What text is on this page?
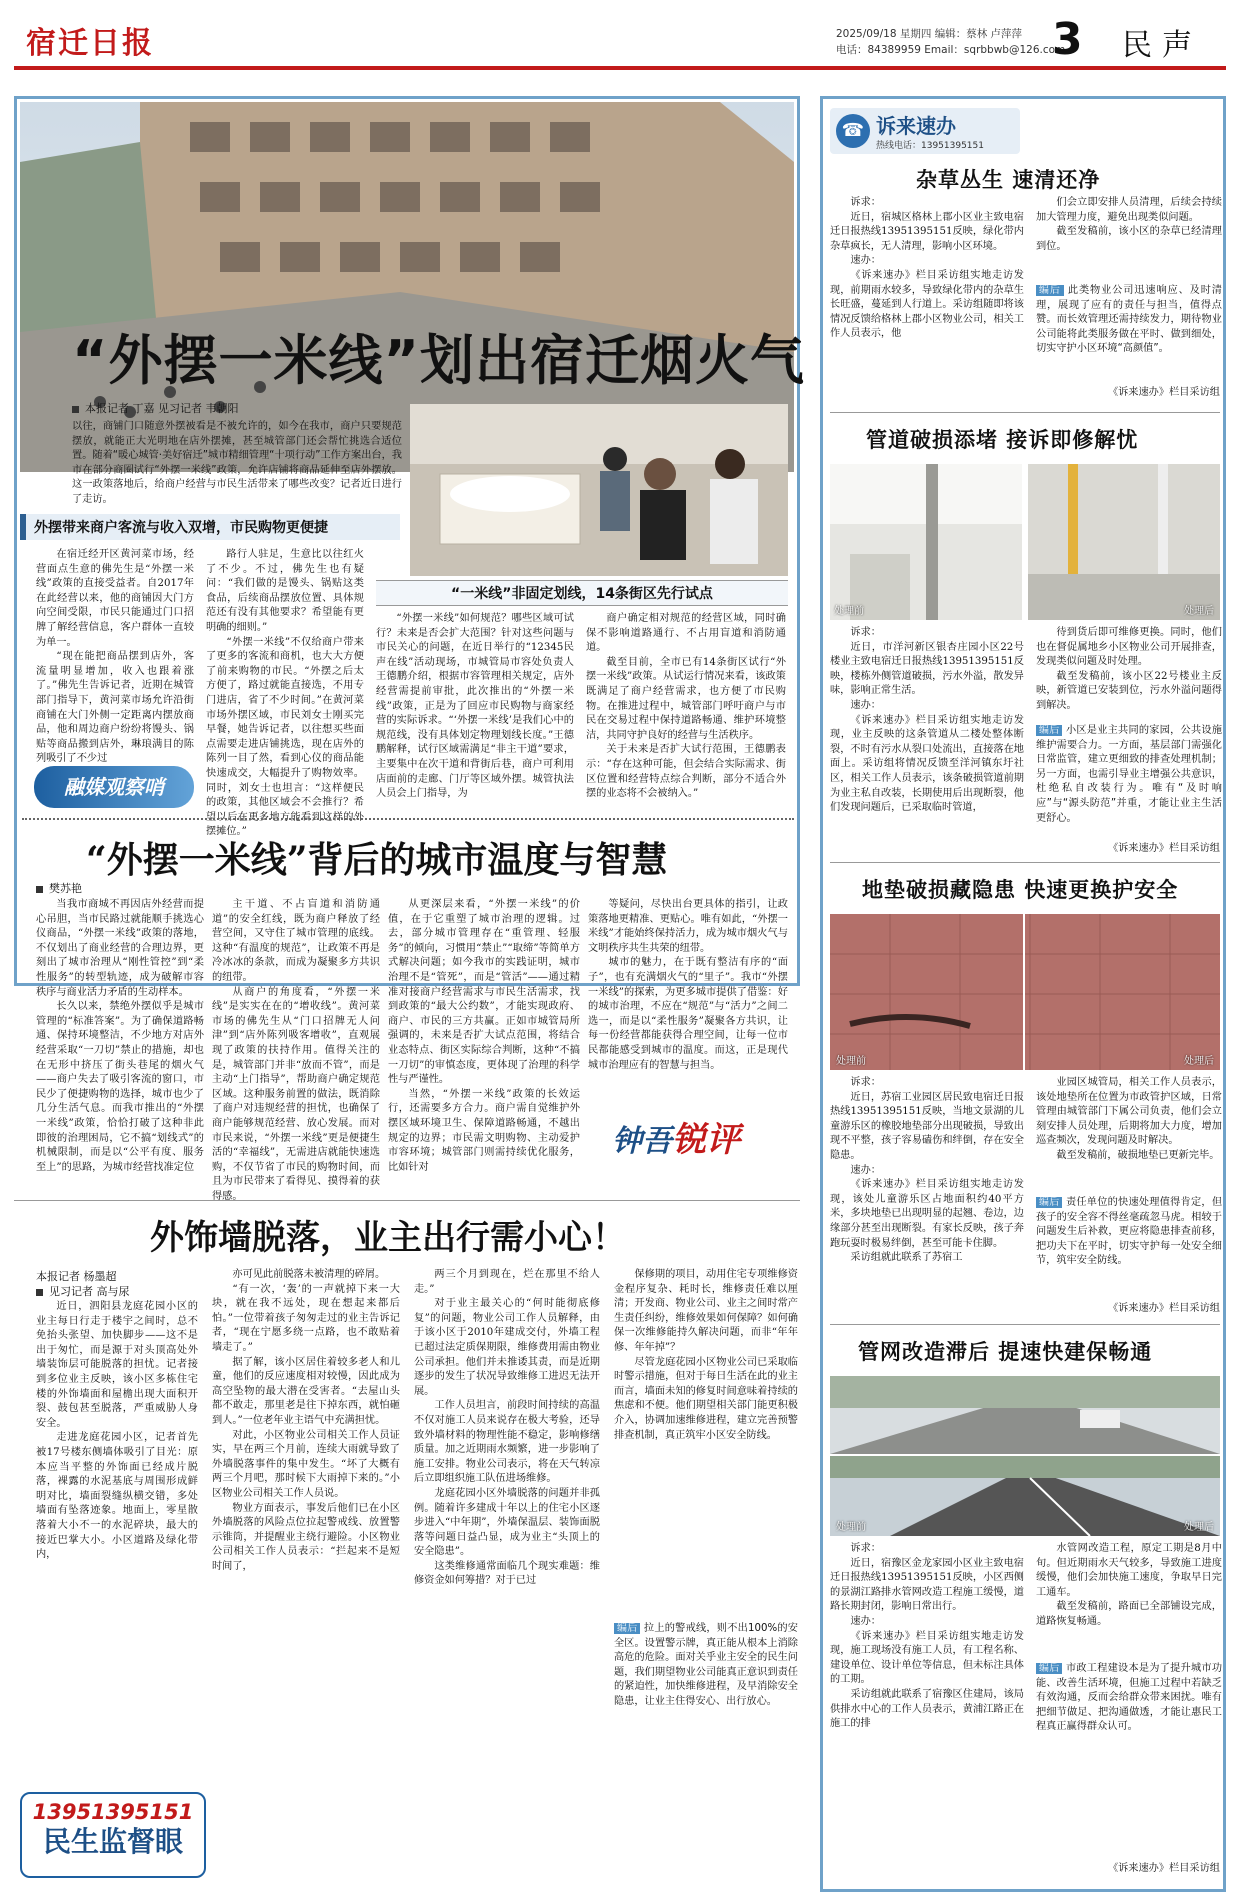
宿迁日报	2025/09/18 星期四 编辑：蔡林 卢萍萍
电话：84389959 Email：sqrbbwb@126.com
3 民声
“外摆一米线”划出宿迁烟火气
本报记者 丁嘉 见习记者 韦朝阳
以往，商铺门口随意外摆被看是不被允许的，如今在我市，商户只要规范摆放，就能正大光明地在店外摆摊，甚至城管部门还会帮忙挑选合适位置。随着“暖心城管·美好宿迁”城市精细管理“十项行动”工作方案出台，我市在部分商圈试行“外摆一米线”政策，允许店铺将商品延伸至店外摆放。这一政策落地后，给商户经营与市民生活带来了哪些改变？记者近日进行了走访。
外摆带来商户客流与收入双增，市民购物更便捷

在宿迁经开区黄河菜市场，经营面点生意的佛先生是“外摆一米线”政策的直接受益者。自2017年在此经营以来，他的商铺因大门方向空间受限，市民只能通过门口招牌了解经营信息，客户群体一直较为单一。

“现在能把商品摆到店外，客流量明显增加，收入也跟着涨了。”佛先生告诉记者，近期在城管部门指导下，黄河菜市场允许沿街商铺在大门外侧一定距离内摆放商品，他和周边商户纷纷将馒头、锅贴等商品搬到店外，琳琅满目的陈列吸引了不少过

路行人驻足，生意比以往红火了不少。不过，佛先生也有疑问：“我们做的是馒头、锅贴这类食品，后续商品摆放位置、具体规范还有没有其他要求？希望能有更明确的细则。”

“外摆一米线”不仅给商户带来了更多的客流和商机，也大大方便了前来购物的市民。“外摆之后太方便了，路过就能直接选，不用专门进店，省了不少时间。”在黄河菜市场外摆区域，市民刘女士刚买完早餐，她告诉记者，以往想买些面点需要走进店铺挑选，现在店外的陈列一目了然，看到心仪的商品能快速成交，大幅提升了购物效率。同时，刘女士也坦言：“这样便民的政策，其他区域会不会推行？希望以后在更多地方能看到这样的外摆摊位。”

“一米线”非固定划线，14条街区先行试点

“外摆一米线”如何规范？哪些区域可试行？未来是否会扩大范围？针对这些问题与市民关心的问题，在近日举行的“12345民声在线”活动现场，市城管局市容处负责人王德鹏介绍，根据市容管理相关规定，店外经营需提前审批，此次推出的“外摆一米线”政策，正是为了回应市民购物与商家经营的实际诉求。“‘外摆一米线’是我们心中的规范线，没有具体划定物理划线长度。”王德鹏解释，试行区域需满足“非主干道”要求，主要集中在次干道和背街后巷，商户可利用店面前的走廊、门厅等区域外摆。城管执法人员会上门指导，为

商户确定相对规范的经营区域，同时确保不影响道路通行、不占用盲道和消防通道。

截至目前，全市已有14条街区试行“外摆一米线”政策。从试运行情况来看，该政策既满足了商户经营需求，也方便了市民购物。在推进过程中，城管部门呼吁商户与市民在交易过程中保持道路畅通、维护环境整洁，共同守护良好的经营与生活秩序。

关于未来是否扩大试行范围，王德鹏表示：“存在这种可能，但会结合实际需求、街区位置和经营特点综合判断，部分不适合外摆的业态将不会被纳入。”

融媒观察哨
“外摆一米线”背后的城市温度与智慧
樊苏艳

当我市商城不再因店外经营而提心吊胆，当市民路过就能顺手挑选心仪商品，“外摆一米线”政策的落地，不仅划出了商业经营的合理边界，更刻出了城市治理从“刚性管控”到“柔性服务”的转型轨迹，成为破解市容秩序与商业活力矛盾的生动样本。

长久以来，禁绝外摆似乎是城市管理的“标准答案”。为了确保道路畅通、保持环境整洁，不少地方对店外经营采取“一刀切”禁止的措施，却也在无形中挤压了街头巷尾的烟火气——商户失去了吸引客流的窗口，市民少了便捷购物的选择，城市也少了几分生活气息。而我市推出的“外摆一米线”政策，恰恰打破了这种非此即彼的治理困局，它不搞“划线式”的机械限制，而是以“公平有度、服务至上”的思路，为城市经营找准定位

主干道、不占盲道和消防通道”的安全红线，既为商户释放了经营空间，又守住了城市管理的底线。这种“有温度的规范”，让政策不再是冷冰冰的条款，而成为凝聚多方共识的纽带。

从商户的角度看，“外摆一米线”是实实在在的“增收线”。黄河菜市场的佛先生从“门口招牌无人问津”到“店外陈列吸客增收”，直观展现了政策的扶持作用。值得关注的是，城管部门并非“放而不管”，而是主动“上门指导”，帮助商户确定规范区域。这种服务前置的做法，既消除了商户对违规经营的担忧，也确保了商户能够规范经营、放心发展。而对市民来说，“外摆一米线”更是便捷生活的“幸福线”，无需进店就能快速选购，不仅节省了市民的购物时间，而且为市民带来了看得见、摸得着的获得感。

从更深层来看，“外摆一米线”的价值，在于它重塑了城市治理的逻辑。过去，部分城市管理存在“重管理、轻服务”的倾向，习惯用“禁止”“取缔”等简单方式解决问题；如今我市的实践证明，城市治理不是“管死”，而是“管活”——通过精准对接商户经营需求与市民生活需求，找到政策的“最大公约数”，才能实现政府、商户、市民的三方共赢。正如市城管局所强调的，未来是否扩大试点范围，将结合业态特点、街区实际综合判断，这种“不搞一刀切”的审慎态度，更体现了治理的科学性与严谨性。

当然，“外摆一米线”政策的长效运行，还需要多方合力。商户需自觉维护外摆区域环境卫生、保障道路畅通，不越出规定的边界；市民需文明购物、主动爱护市容环境；城管部门则需持续优化服务，比如针对

等疑问，尽快出台更具体的指引，让政策落地更精准、更贴心。唯有如此，“外摆一米线”才能始终保持活力，成为城市烟火气与文明秩序共生共荣的纽带。

城市的魅力，在于既有整洁有序的“面子”，也有充满烟火气的“里子”。我市“外摆一米线”的探索，为更多城市提供了借鉴：好的城市治理，不应在“规范”与“活力”之间二选一，而是以“柔性服务”凝聚各方共识，让每一份经营都能获得合理空间，让每一位市民都能感受到城市的温度。而这，正是现代城市治理应有的智慧与担当。

钟吾锐评
外饰墙脱落，业主出行需小心！
本报记者 杨墨超
见习记者 高与尿

近日，泗阳县龙庭花园小区的业主每日行走于楼宇之间时，总不免抬头张望、加快脚步——这不是出于匆忙，而是源于对头顶高处外墙装饰层可能脱落的担忧。记者接到多位业主反映，该小区多栋住宅楼的外饰墙面和屋檐出现大面积开裂、鼓包甚至脱落，严重威胁人身安全。

走进龙庭花园小区，记者首先被17号楼东侧墙体吸引了目光：原本应当平整的外饰面已经成片脱落，裸露的水泥基底与周围形成鲜明对比，墙面裂缝纵横交错，多处墙面有坠落迹象。地面上，零星散落着大小不一的水泥碎块，最大的接近巴掌大小。小区道路及绿化带内，

亦可见此前脱落未被清理的碎屑。

“有一次，‘轰’的一声就掉下来一大块，就在我不远处，现在想起来都后怕。”一位带着孩子匆匆走过的业主告诉记者，“现在宁愿多绕一点路，也不敢贴着墙走了。”

据了解，该小区居住着较多老人和儿童，他们的反应速度相对较慢，因此成为高空坠物的最大潜在受害者。“去屋山头都不敢走，那里老是往下掉东西，就怕砸到人。”一位老年业主语气中充满担忧。

对此，小区物业公司相关工作人员证实，早在两三个月前，连续大雨就导致了外墙脱落事件的集中发生。“坏了大概有两三个月吧，那时候下大雨掉下来的。”小区物业公司相关工作人员说。

物业方面表示，事发后他们已在小区外墙脱落的风险点位拉起警戒线、放置警示锥筒，并提醒业主绕行避险。小区物业公司相关工作人员表示：“拦起来不是短时间了，

两三个月到现在，烂在那里不给人走。”

对于业主最关心的“何时能彻底修复”的问题，物业公司工作人员解释，由于该小区于2010年建成交付，外墙工程已超过法定质保期限，维修费用需由物业公司承担。他们并未推诿其责，而是近期逐步的发生了状况导致维修工进迟无法开展。

工作人员坦言，前段时间持续的高温不仅对施工人员来说存在极大考验，还导致外墙材料的物理性能不稳定，影响修缮质量。加之近期雨水频繁，进一步影响了施工安排。物业公司表示，将在天气转凉后立即组织施工队伍进场维修。

龙庭花园小区外墙脱落的问题并非孤例。随着许多建成十年以上的住宅小区逐步进入“中年期”，外墙保温层、装饰面脱落等问题日益凸显，成为业主“头顶上的安全隐患”。

这类维修通常面临几个现实难题：维修资金如何筹措？对于已过

保修期的项目，动用住宅专项维修资金程序复杂、耗时长，维修责任难以厘清；开发商、物业公司、业主之间时常产生责任纠纷，维修效果如何保障？如何确保一次维修能持久解决问题，而非“年年修、年年掉”？

尽管龙庭花园小区物业公司已采取临时警示措施，但对于每日生活在此的业主而言，墙面未知的修复时间意味着持续的焦虑和不便。他们期望相关部门能更积极介入，协调加速维修进程，建立完善预警排查机制，真正筑牢小区安全防线。

编后 拉上的警戒线，则不出100%的安全区。设置警示牌，真正能从根本上消除高危的危险。面对关乎业主安全的民生问题，我们期望物业公司能真正意识到责任的紧迫性，加快维修进程，及早消除安全隐患，让业主住得安心、出行放心。
13951395151
民生监督眼
☎ 诉来速办
热线电话：13951395151
杂草丛生 速清还净

诉求：

近日，宿城区格林上郡小区业主致电宿迁日报热线13951395151反映，绿化带内杂草疯长，无人清理，影响小区环境。

速办：

《诉来速办》栏目采访组实地走访发现，前期雨水较多，导致绿化带内的杂草生长旺盛，蔓延到人行道上。采访组随即将该情况反馈给格林上郡小区物业公司，相关工作人员表示，他

们会立即安排人员清理，后续会持续加大管理力度，避免出现类似问题。

截至发稿前，该小区的杂草已经清理到位。

编后 此类物业公司迅速响应、及时清理，展现了应有的责任与担当，值得点赞。而长效管理还需持续发力，期待物业公司能将此类服务做在平时、做到细处，切实守护小区环境“高颜值”。
《诉来速办》栏目采访组
管道破损添堵 接诉即修解忧
处理前	处理后

诉求：

近日，市洋河新区银杏庄园小区22号楼业主致电宿迁日报热线13951395151反映，楼栋外侧管道破损，污水外溢，散发异味，影响正常生活。

速办：

《诉来速办》栏目采访组实地走访发现，业主反映的这条管道从二楼处整体断裂，不时有污水从裂口处流出，直接落在地面上。采访组将情况反馈至洋河镇东圩社区，相关工作人员表示，该条破损管道前期为业主私自改装，长期使用后出现断裂，他们发现问题后，已采取临时管道，

待到货后即可维修更换。同时，他们也在督促属地乡小区物业公司开展排查，发现类似问题及时处理。

截至发稿前，该小区22号楼业主反映，新管道已安装到位，污水外溢问题得到解决。

编后 小区是业主共同的家园，公共设施维护需要合力。一方面，基层部门需强化日常监管，建立更细致的排查处理机制；另一方面，也需引导业主增强公共意识，杜绝私自改装行为。唯有“及时响应”与“源头防范”并重，才能让业主生活更舒心。
《诉来速办》栏目采访组
地垫破损藏隐患 快速更换护安全
处理前	处理后

诉求：

近日，苏宿工业园区居民致电宿迁日报热线13951395151反映，当地文景湖的儿童游乐区的橡胶地垫部分出现破损，导致出现不平整，孩子容易磕伤和绊倒，存在安全隐患。

速办：

《诉来速办》栏目采访组实地走访发现，该处儿童游乐区占地面积约40平方米，多块地垫已出现明显的起翘、卷边，边缘部分甚至出现断裂。有家长反映，孩子奔跑玩耍时极易绊倒，甚至可能卡住脚。

采访组就此联系了苏宿工

业园区城管局，相关工作人员表示，该处地垫所在位置为市政管护区域，日常管理由城管部门下属公司负责，他们会立刻安排人员处理，后期将加大力度，增加巡查频次，发现问题及时解决。

截至发稿前，破损地垫已更新完毕。

编后 责任单位的快速处理值得肯定，但孩子的安全容不得丝毫疏忽马虎。相较于问题发生后补救，更应将隐患排查前移，把功夫下在平时，切实守护每一处安全细节，筑牢安全防线。
《诉来速办》栏目采访组
管网改造滞后 提速快建保畅通
处理前	处理后

诉求：

近日，宿豫区金龙家园小区业主致电宿迁日报热线13951395151反映，小区西侧的景湖江路排水管网改造工程施工缓慢，道路长期封闭，影响日常出行。

速办：

《诉来速办》栏目采访组实地走访发现，施工现场没有施工人员，有工程名称、建设单位、设计单位等信息，但未标注具体的工期。

采访组就此联系了宿豫区住建局，该局供排水中心的工作人员表示，黄浦江路正在施工的排

水管网改造工程，原定工期是8月中旬。但近期雨水天气较多，导致施工进度缓慢，他们会加快施工速度，争取早日完工通车。

截至发稿前，路面已全部铺设完成，道路恢复畅通。

编后 市政工程建设本是为了提升城市功能、改善生活环境，但施工过程中若缺乏有效沟通，反而会给群众带来困扰。唯有把细节做足、把沟通做透，才能让惠民工程真正赢得群众认可。
《诉来速办》栏目采访组
